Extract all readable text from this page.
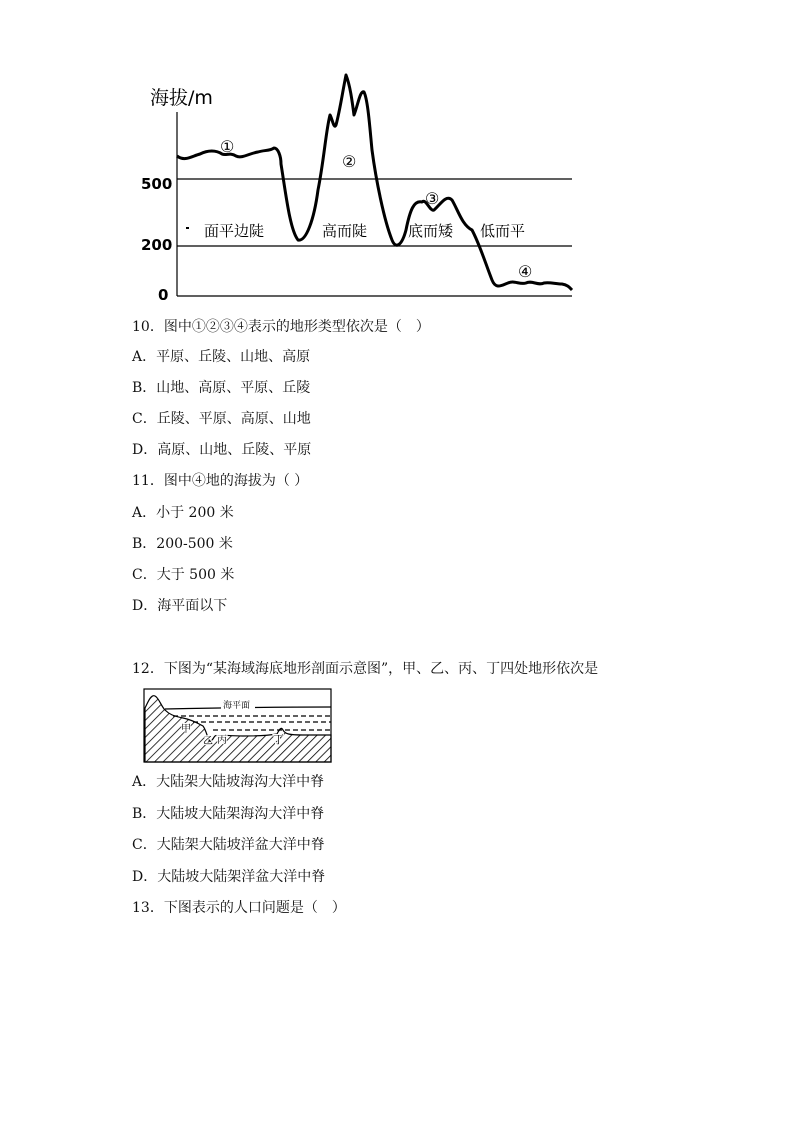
海拔/m
500
200
0
①
②
③
④
面平边陡	高而陡	底而矮 低而平
10．图中①②③④表示的地形类型依次是（　）
A．平原、丘陵、山地、高原
B．山地、高原、平原、丘陵
C．丘陵、平原、高原、山地
D．高原、山地、丘陵、平原
11．图中④地的海拔为（ ）
A．小于 200 米
B．200-500 米
C．大于 500 米
D．海平面以下
12．下图为“某海域海底地形剖面示意图”，甲、乙、丙、丁四处地形依次是
海平面
甲
乙 丙	丁
A．大陆架大陆坡海沟大洋中脊
B．大陆坡大陆架海沟大洋中脊
C．大陆架大陆坡洋盆大洋中脊
D．大陆坡大陆架洋盆大洋中脊
13．下图表示的人口问题是（　）
